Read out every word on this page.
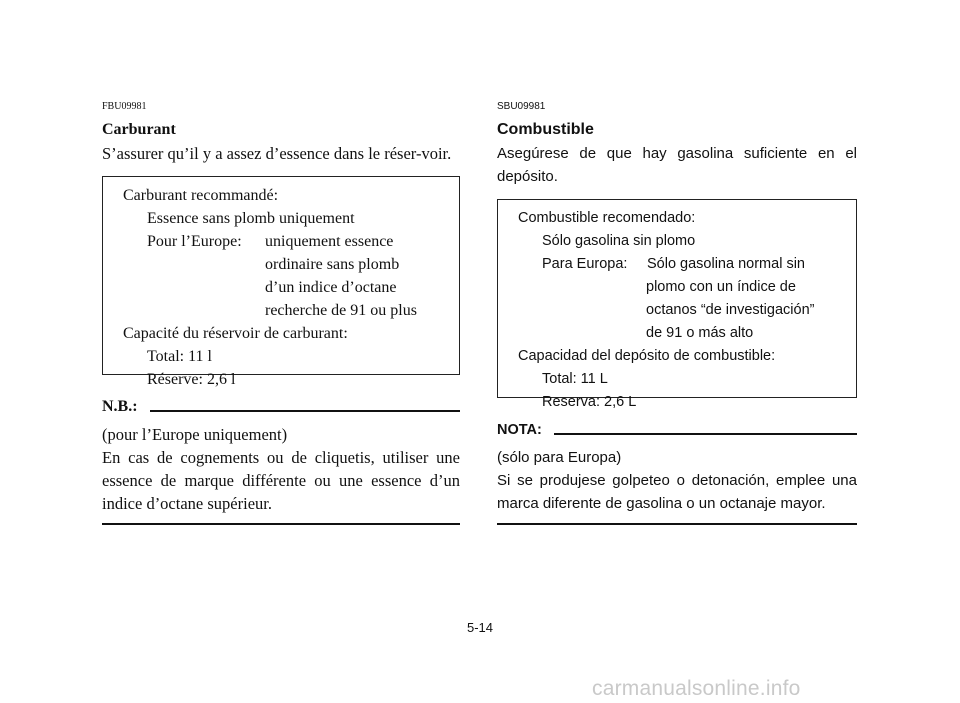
FBU09981
Carburant
S’assurer qu’il y a assez d’essence dans le réser-voir.
Carburant recommandé:
Essence sans plomb uniquement
Pour l’Europe:	uniquement essence
ordinaire sans plomb
d’un indice d’octane
recherche de 91 ou plus
Capacité du réservoir de carburant:
Total: 11 l
Réserve: 2,6 l
N.B.:
(pour l’Europe uniquement)
En cas de cognements ou de cliquetis, utiliser une essence de marque différente ou une essence d’un indice d’octane supérieur.
SBU09981
Combustible
Asegúrese de que hay gasolina suficiente en el depósito.
Combustible recomendado:
Sólo gasolina sin plomo
Para Europa:	Sólo gasolina normal sin
plomo con un índice de
octanos “de investigación”
de 91 o más alto
Capacidad del depósito de combustible:
Total: 11 L
Reserva: 2,6 L
NOTA:
(sólo para Europa)
Si se produjese golpeteo o detonación, emplee una marca diferente de gasolina o un octanaje mayor.
5-14
carmanualsonline.info
